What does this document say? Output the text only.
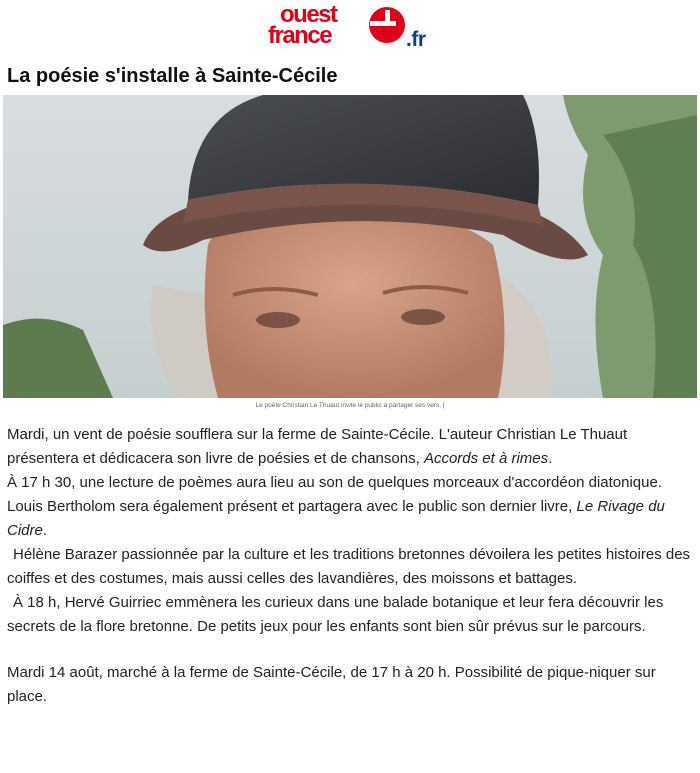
ouest
france	.fr
La poésie s'installe à Sainte-Cécile
Le poète Christian Le Thuaut invite le public à partager ses vers. |

Mardi, un vent de poésie soufflera sur la ferme de Sainte-Cécile. L'auteur Christian Le Thuaut présentera et dédicacera son livre de poésies et de chansons, Accords et à rimes.

À 17 h 30, une lecture de poèmes aura lieu au son de quelques morceaux d'accordéon diatonique. Louis Bertholom sera également présent et partagera avec le public son dernier livre, Le Rivage du Cidre.

Hélène Barazer passionnée par la culture et les traditions bretonnes dévoilera les petites histoires des coiffes et des costumes, mais aussi celles des lavandières, des moissons et battages.

À 18 h, Hervé Guirriec emmènera les curieux dans une balade botanique et leur fera découvrir les secrets de la flore bretonne. De petits jeux pour les enfants sont bien sûr prévus sur le parcours.

Mardi 14 août, marché à la ferme de Sainte-Cécile, de 17 h à 20 h. Possibilité de pique-niquer sur place.
